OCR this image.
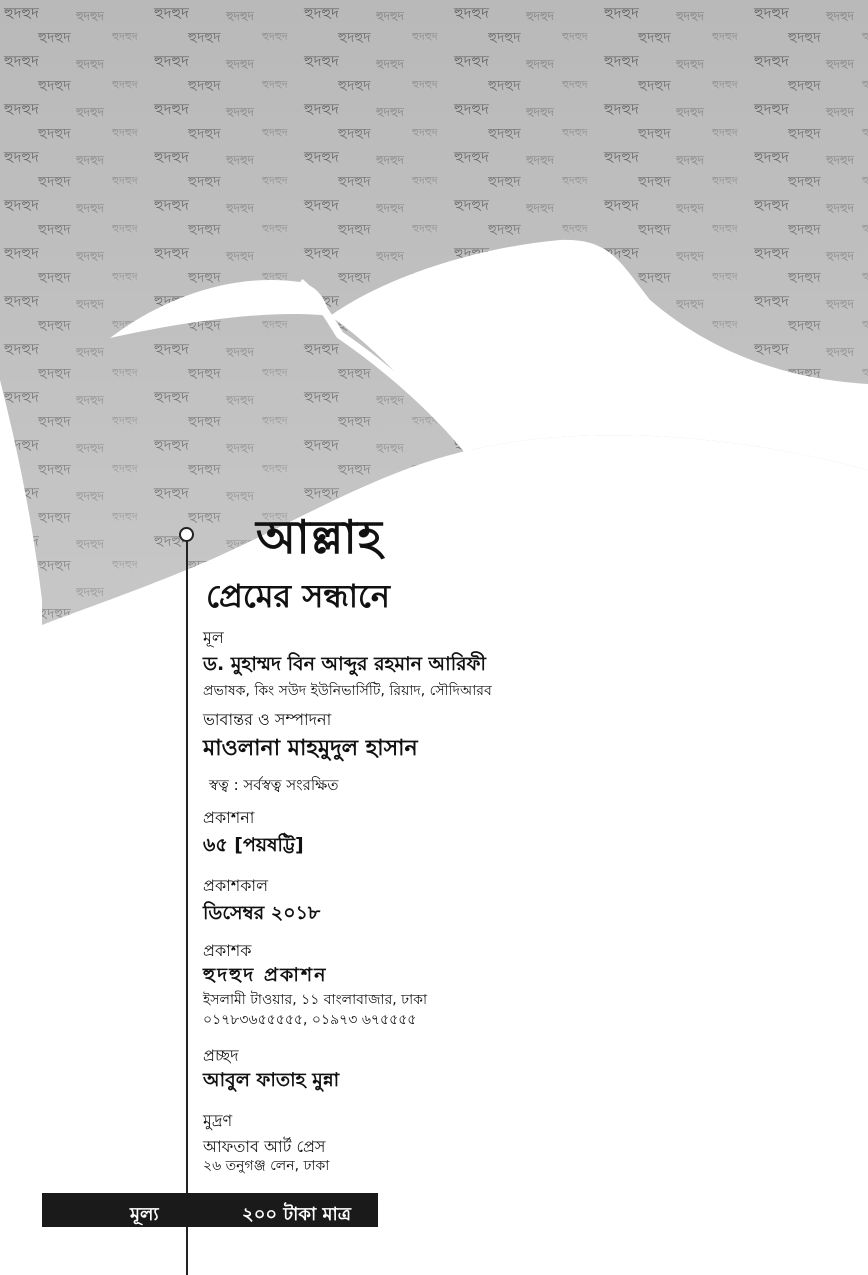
আল্লাহ
প্রেমের সন্ধানে
মূল
ড. মুহাম্মদ বিন আব্দুর রহমান আরিফী
প্রভাষক, কিং সউদ ইউনিভার্সিটি, রিয়াদ, সৌদিআরব
ভাবান্তর ও সম্পাদনা
মাওলানা মাহমুদুল হাসান
স্বত্ব : সর্বস্বত্ব সংরক্ষিত
প্রকাশনা
৬৫ [পয়ষট্টি]
প্রকাশকাল
ডিসেম্বর ২০১৮
প্রকাশক
হুদহুদ প্রকাশন
ইসলামী টাওয়ার, ১১ বাংলাবাজার, ঢাকা
০১৭৮৩৬৫৫৫৫৫, ০১৯৭৩ ৬৭৫৫৫৫
প্রচ্ছদ
আবুল ফাতাহ মুন্না
মুদ্রণ
আফতাব আর্ট প্রেস
২৬ তনুগঞ্জ লেন, ঢাকা
মূল্য	২০০ টাকা মাত্র
